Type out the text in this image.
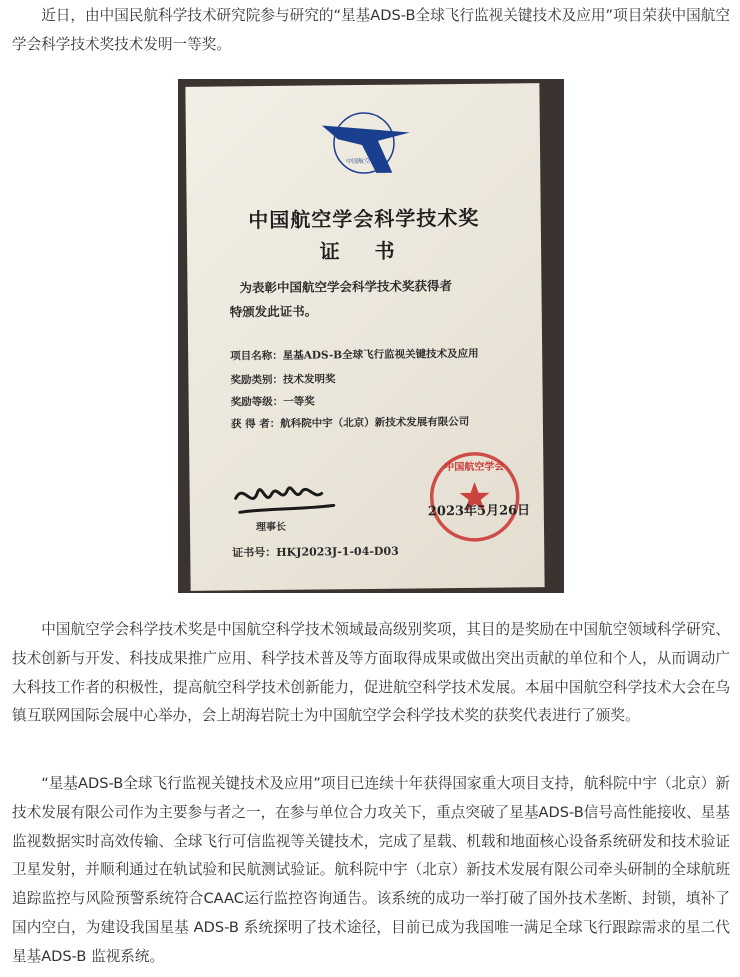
近日，由中国民航科学技术研究院参与研究的“星基ADS-B全球飞行监视关键技术及应用”项目荣获中国航空学会科学技术奖技术发明一等奖。

中国航空学会
中国航空学会科学技术奖
证 书
为表彰中国航空学会科学技术奖获得者
特颁发此证书。
项目名称：星基ADS-B全球飞行监视关键技术及应用
奖励类别：技术发明奖
奖励等级：一等奖
获 得 者：航科院中宇（北京）新技术发展有限公司
理事长
证书号：HKJ2023J-1-04-D03
中国航空学会
2023年5月26日

中国航空学会科学技术奖是中国航空科学技术领域最高级别奖项，其目的是奖励在中国航空领域科学研究、技术创新与开发、科技成果推广应用、科学技术普及等方面取得成果或做出突出贡献的单位和个人，从而调动广大科技工作者的积极性，提高航空科学技术创新能力，促进航空科学技术发展。本届中国航空科学技术大会在乌镇互联网国际会展中心举办，会上胡海岩院士为中国航空学会科学技术奖的获奖代表进行了颁奖。

“星基ADS-B全球飞行监视关键技术及应用”项目已连续十年获得国家重大项目支持，航科院中宇（北京）新技术发展有限公司作为主要参与者之一，在参与单位合力攻关下，重点突破了星基ADS-B信号高性能接收、星基监视数据实时高效传输、全球飞行可信监视等关键技术，完成了星载、机载和地面核心设备系统研发和技术验证卫星发射，并顺利通过在轨试验和民航测试验证。航科院中宇（北京）新技术发展有限公司牵头研制的全球航班追踪监控与风险预警系统符合CAAC运行监控咨询通告。该系统的成功一举打破了国外技术垄断、封锁，填补了国内空白，为建设我国星基 ADS-B 系统探明了技术途径，目前已成为我国唯一满足全球飞行跟踪需求的星二代星基ADS-B 监视系统。
